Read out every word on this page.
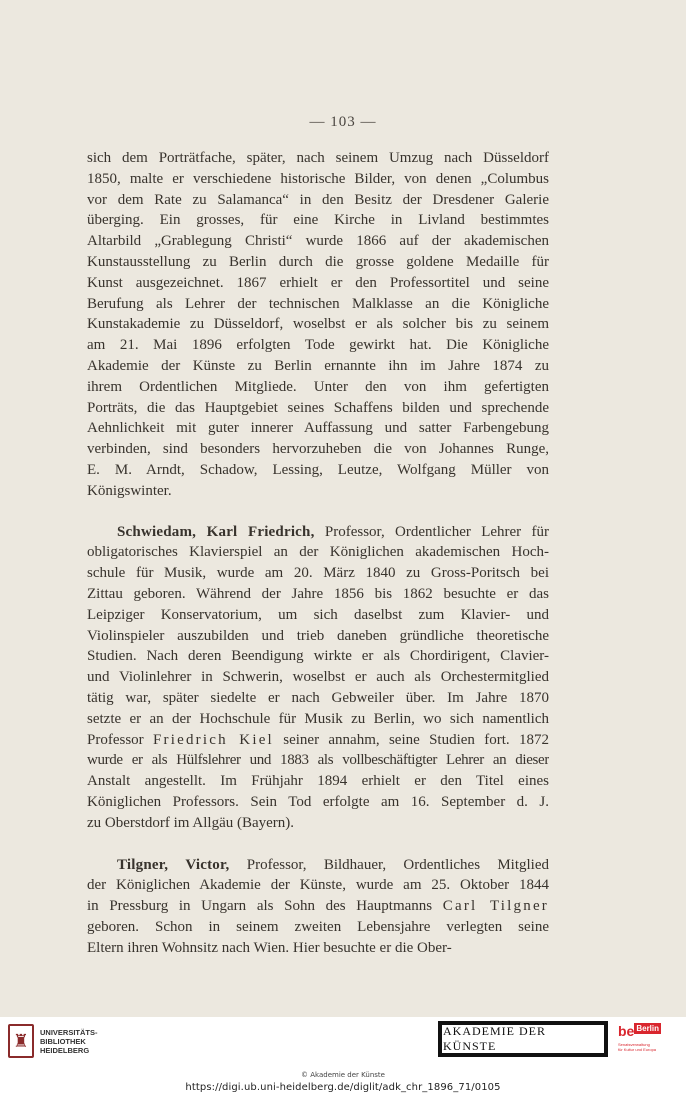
— 103 —
sich dem Porträtfache, später, nach seinem Umzug nach Düsseldorf
1850, malte er verschiedene historische Bilder, von denen „Columbus
vor dem Rate zu Salamanca“ in den Besitz der Dresdener Galerie
überging. Ein grosses, für eine Kirche in Livland bestimmtes
Altarbild „Grablegung Christi“ wurde 1866 auf der akademischen
Kunstausstellung zu Berlin durch die grosse goldene Medaille für
Kunst ausgezeichnet. 1867 erhielt er den Professortitel und seine
Berufung als Lehrer der technischen Malklasse an die Königliche
Kunstakademie zu Düsseldorf, woselbst er als solcher bis zu seinem
am 21. Mai 1896 erfolgten Tode gewirkt hat. Die Königliche
Akademie der Künste zu Berlin ernannte ihn im Jahre 1874 zu
ihrem Ordentlichen Mitgliede. Unter den von ihm gefertigten
Porträts, die das Hauptgebiet seines Schaffens bilden und sprechende
Aehnlichkeit mit guter innerer Auffassung und satter Farbengebung
verbinden, sind besonders hervorzuheben die von Johannes Runge,
E. M. Arndt, Schadow, Lessing, Leutze, Wolfgang Müller von
Königswinter.
Schwiedam, Karl Friedrich, Professor, Ordentlicher Lehrer für
obligatorisches Klavierspiel an der Königlichen akademischen Hoch-
schule für Musik, wurde am 20. März 1840 zu Gross-Poritsch bei
Zittau geboren. Während der Jahre 1856 bis 1862 besuchte er das
Leipziger Konservatorium, um sich daselbst zum Klavier- und
Violinspieler auszubilden und trieb daneben gründliche theoretische
Studien. Nach deren Beendigung wirkte er als Chordirigent, Clavier-
und Violinlehrer in Schwerin, woselbst er auch als Orchestermitglied
tätig war, später siedelte er nach Gebweiler über. Im Jahre 1870
setzte er an der Hochschule für Musik zu Berlin, wo sich namentlich
Professor Friedrich Kiel seiner annahm, seine Studien fort. 1872
wurde er als Hülfslehrer und 1883 als vollbeschäftigter Lehrer an dieser
Anstalt angestellt. Im Frühjahr 1894 erhielt er den Titel eines
Königlichen Professors. Sein Tod erfolgte am 16. September d. J.
zu Oberstdorf im Allgäu (Bayern).
Tilgner, Victor, Professor, Bildhauer, Ordentliches Mitglied
der Königlichen Akademie der Künste, wurde am 25. Oktober 1844
in Pressburg in Ungarn als Sohn des Hauptmanns Carl Tilgner
geboren. Schon in seinem zweiten Lebensjahre verlegten seine
Eltern ihren Wohnsitz nach Wien. Hier besuchte er die Ober-
♜	UNIVERSITÄTS-
BIBLIOTHEK
HEIDELBERG
AKADEMIE DER KÜNSTE
be Berlin
Senatsverwaltung
für Kultur und Europa
© Akademie der Künste
https://digi.ub.uni-heidelberg.de/diglit/adk_chr_1896_71/0105
